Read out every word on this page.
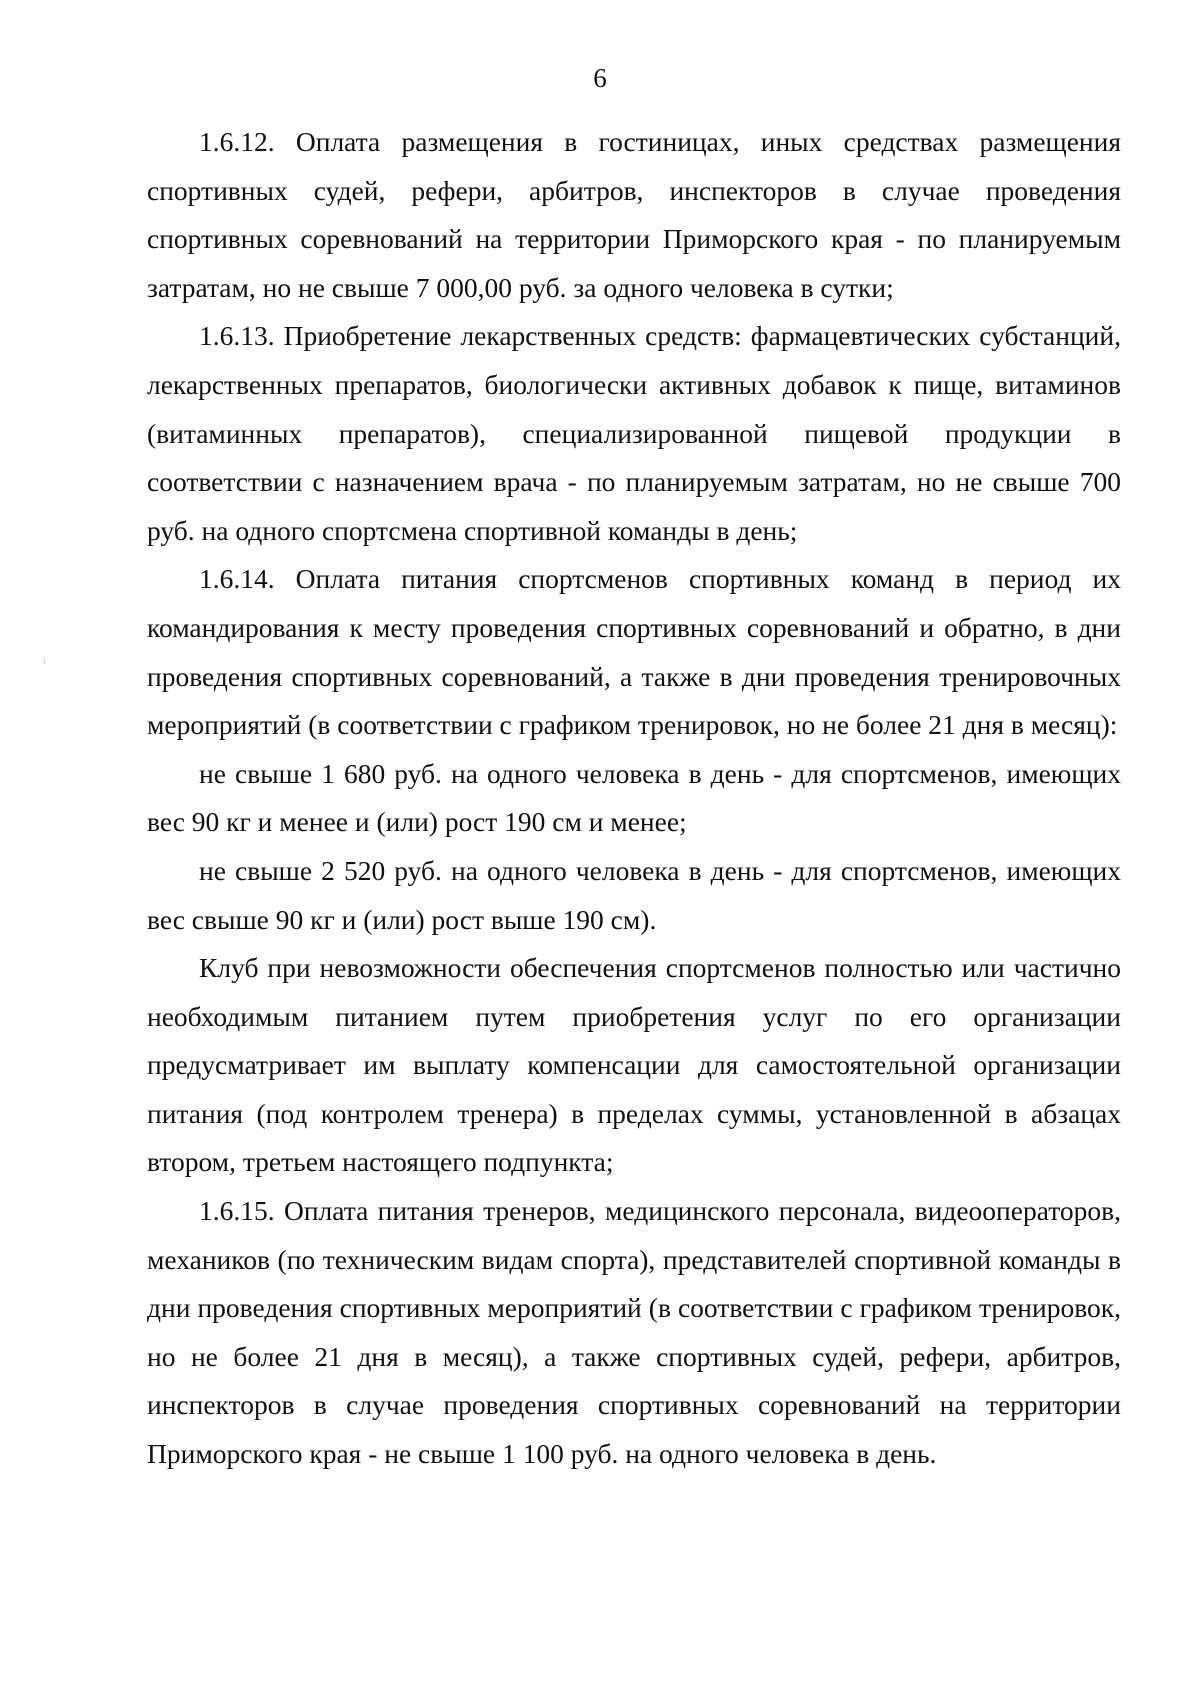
6

1.6.12. Оплата размещения в гостиницах, иных средствах размещения спортивных судей, рефери, арбитров, инспекторов в случае проведения спортивных соревнований на территории Приморского края - по планируемым затратам, но не свыше 7 000,00 руб. за одного человека в сутки;

1.6.13. Приобретение лекарственных средств: фармацевтических субстанций, лекарственных препаратов, биологически активных добавок к пище, витаминов (витаминных препаратов), специализированной пищевой продукции в соответствии с назначением врача - по планируемым затратам, но не свыше 700 руб. на одного спортсмена спортивной команды в день;

1.6.14. Оплата питания спортсменов спортивных команд в период их командирования к месту проведения спортивных соревнований и обратно, в дни проведения спортивных соревнований, а также в дни проведения тренировочных мероприятий (в соответствии с графиком тренировок, но не более 21 дня в месяц):

не свыше 1 680 руб. на одного человека в день - для спортсменов, имеющих вес 90 кг и менее и (или) рост 190 см и менее;

не свыше 2 520 руб. на одного человека в день - для спортсменов, имеющих вес свыше 90 кг и (или) рост выше 190 см).

Клуб при невозможности обеспечения спортсменов полностью или частично необходимым питанием путем приобретения услуг по его организации предусматривает им выплату компенсации для самостоятельной организации питания (под контролем тренера) в пределах суммы, установленной в абзацах втором, третьем настоящего подпункта;

1.6.15. Оплата питания тренеров, медицинского персонала, видеооператоров, механиков (по техническим видам спорта), представителей спортивной команды в дни проведения спортивных мероприятий (в соответствии с графиком тренировок, но не более 21 дня в месяц), а также спортивных судей, рефери, арбитров, инспекторов в случае проведения спортивных соревнований на территории Приморского края - не свыше 1 100 руб. на одного человека в день.
